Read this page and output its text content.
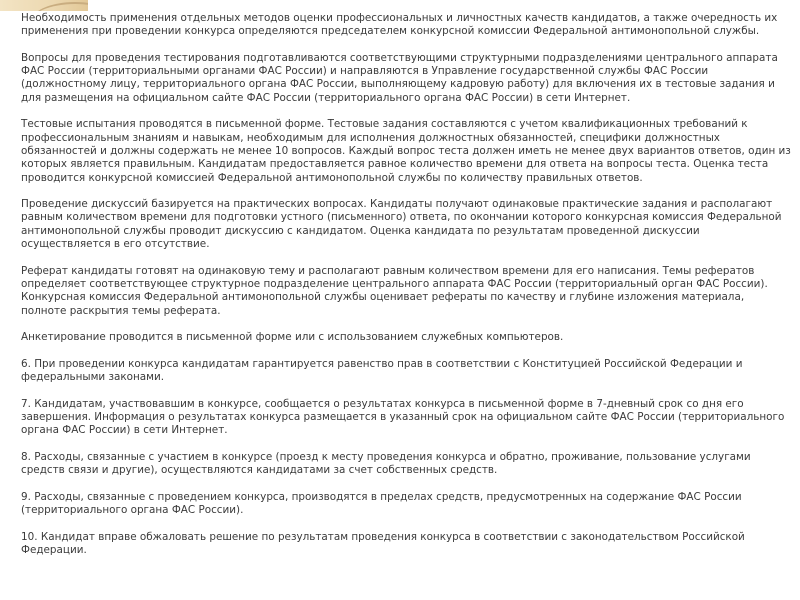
Необходимость применения отдельных методов оценки профессиональных и личностных качеств кандидатов, а также очередность их применения при проведении конкурса определяются председателем конкурсной комиссии Федеральной антимонопольной службы.

Вопросы для проведения тестирования подготавливаются соответствующими структурными подразделениями центрального аппарата ФАС России (территориальными органами ФАС России) и направляются в Управление государственной службы ФАС России (должностному лицу, территориального органа ФАС России, выполняющему кадровую работу) для включения их в тестовые задания и для размещения на официальном сайте ФАС России (территориального органа ФАС России) в сети Интернет.

Тестовые испытания проводятся в письменной форме. Тестовые задания составляются с учетом квалификационных требований к профессиональным знаниям и навыкам, необходимым для исполнения должностных обязанностей, специфики должностных обязанностей и должны содержать не менее 10 вопросов. Каждый вопрос теста должен иметь не менее двух вариантов ответов, один из которых является правильным. Кандидатам предоставляется равное количество времени для ответа на вопросы теста. Оценка теста проводится конкурсной комиссией Федеральной антимонопольной службы по количеству правильных ответов.

Проведение дискуссий базируется на практических вопросах. Кандидаты получают одинаковые практические задания и располагают равным количеством времени для подготовки устного (письменного) ответа, по окончании которого конкурсная комиссия Федеральной антимонопольной службы проводит дискуссию с кандидатом. Оценка кандидата по результатам проведенной дискуссии осуществляется в его отсутствие.

Реферат кандидаты готовят на одинаковую тему и располагают равным количеством времени для его написания. Темы рефератов определяет соответствующее структурное подразделение центрального аппарата ФАС России (территориальный орган ФАС России). Конкурсная комиссия Федеральной антимонопольной службы оценивает рефераты по качеству и глубине изложения материала, полноте раскрытия темы реферата.

Анкетирование проводится в письменной форме или с использованием служебных компьютеров.

6. При проведении конкурса кандидатам гарантируется равенство прав в соответствии с Конституцией Российской Федерации и федеральными законами.

7. Кандидатам, участвовавшим в конкурсе, сообщается о результатах конкурса в письменной форме в 7-дневный срок со дня его завершения. Информация о результатах конкурса размещается в указанный срок на официальном сайте ФАС России (территориального органа ФАС России) в сети Интернет.

8. Расходы, связанные с участием в конкурсе (проезд к месту проведения конкурса и обратно, проживание, пользование услугами средств связи и другие), осуществляются кандидатами за счет собственных средств.

9. Расходы, связанные с проведением конкурса, производятся в пределах средств, предусмотренных на содержание ФАС России (территориального органа ФАС России).

10. Кандидат вправе обжаловать решение по результатам проведения конкурса в соответствии с законодательством Российской Федерации.
